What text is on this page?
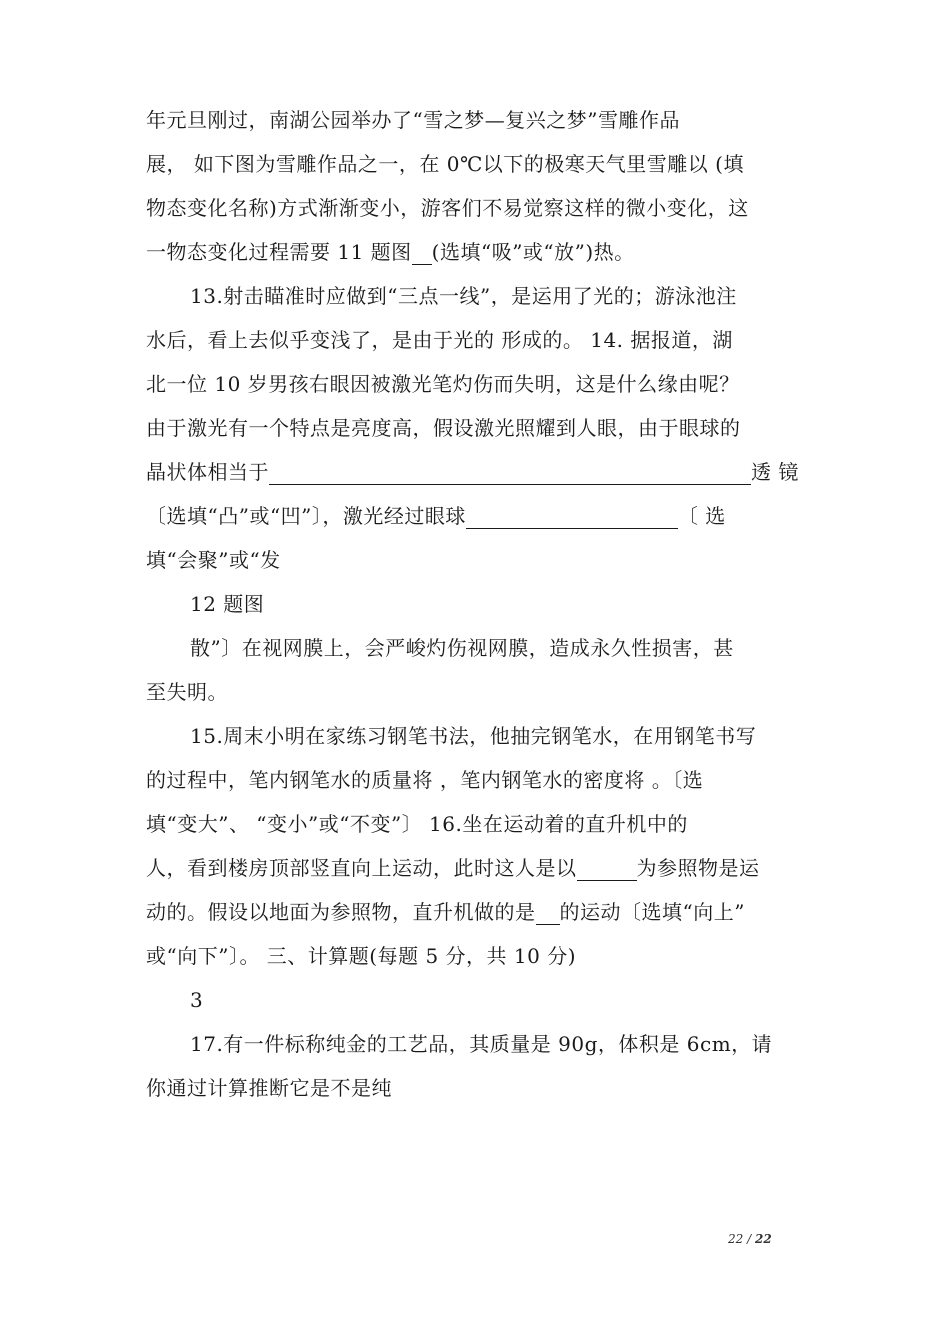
年元旦刚过，南湖公园举办了“雪之梦—复兴之梦”雪雕作品
展， 如下图为雪雕作品之一，在 0℃以下的极寒天气里雪雕以 (填
物态变化名称)方式渐渐变小，游客们不易觉察这样的微小变化，这
一物态变化过程需要 11 题图 (选填“吸”或“放”)热。
13.射击瞄准时应做到“三点一线”，是运用了光的；游泳池注
水后，看上去似乎变浅了，是由于光的 形成的。 14. 据报道，湖
北一位 10 岁男孩右眼因被激光笔灼伤而失明，这是什么缘由呢？
由于激光有一个特点是亮度高，假设激光照耀到人眼，由于眼球的
晶状体相当于	透 镜
〔选填“凸”或“凹”〕，激光经过眼球	〔 选
填“会聚”或“发
12 题图
散”〕在视网膜上，会严峻灼伤视网膜，造成永久性损害，甚
至失明。
15.周末小明在家练习钢笔书法，他抽完钢笔水，在用钢笔书写
的过程中，笔内钢笔水的质量将 ，笔内钢笔水的密度将 。〔选
填“变大”、 “变小”或“不变”〕 16.坐在运动着的直升机中的
人，看到楼房顶部竖直向上运动，此时这人是以	为参照物是运
动的。假设以地面为参照物，直升机做的是 的运动〔选填“向上”
或“向下”〕。 三、计算题(每题 5 分，共 10 分)
3
17.有一件标称纯金的工艺品，其质量是 90g，体积是 6cm，请
你通过计算推断它是不是纯
22 / 22
